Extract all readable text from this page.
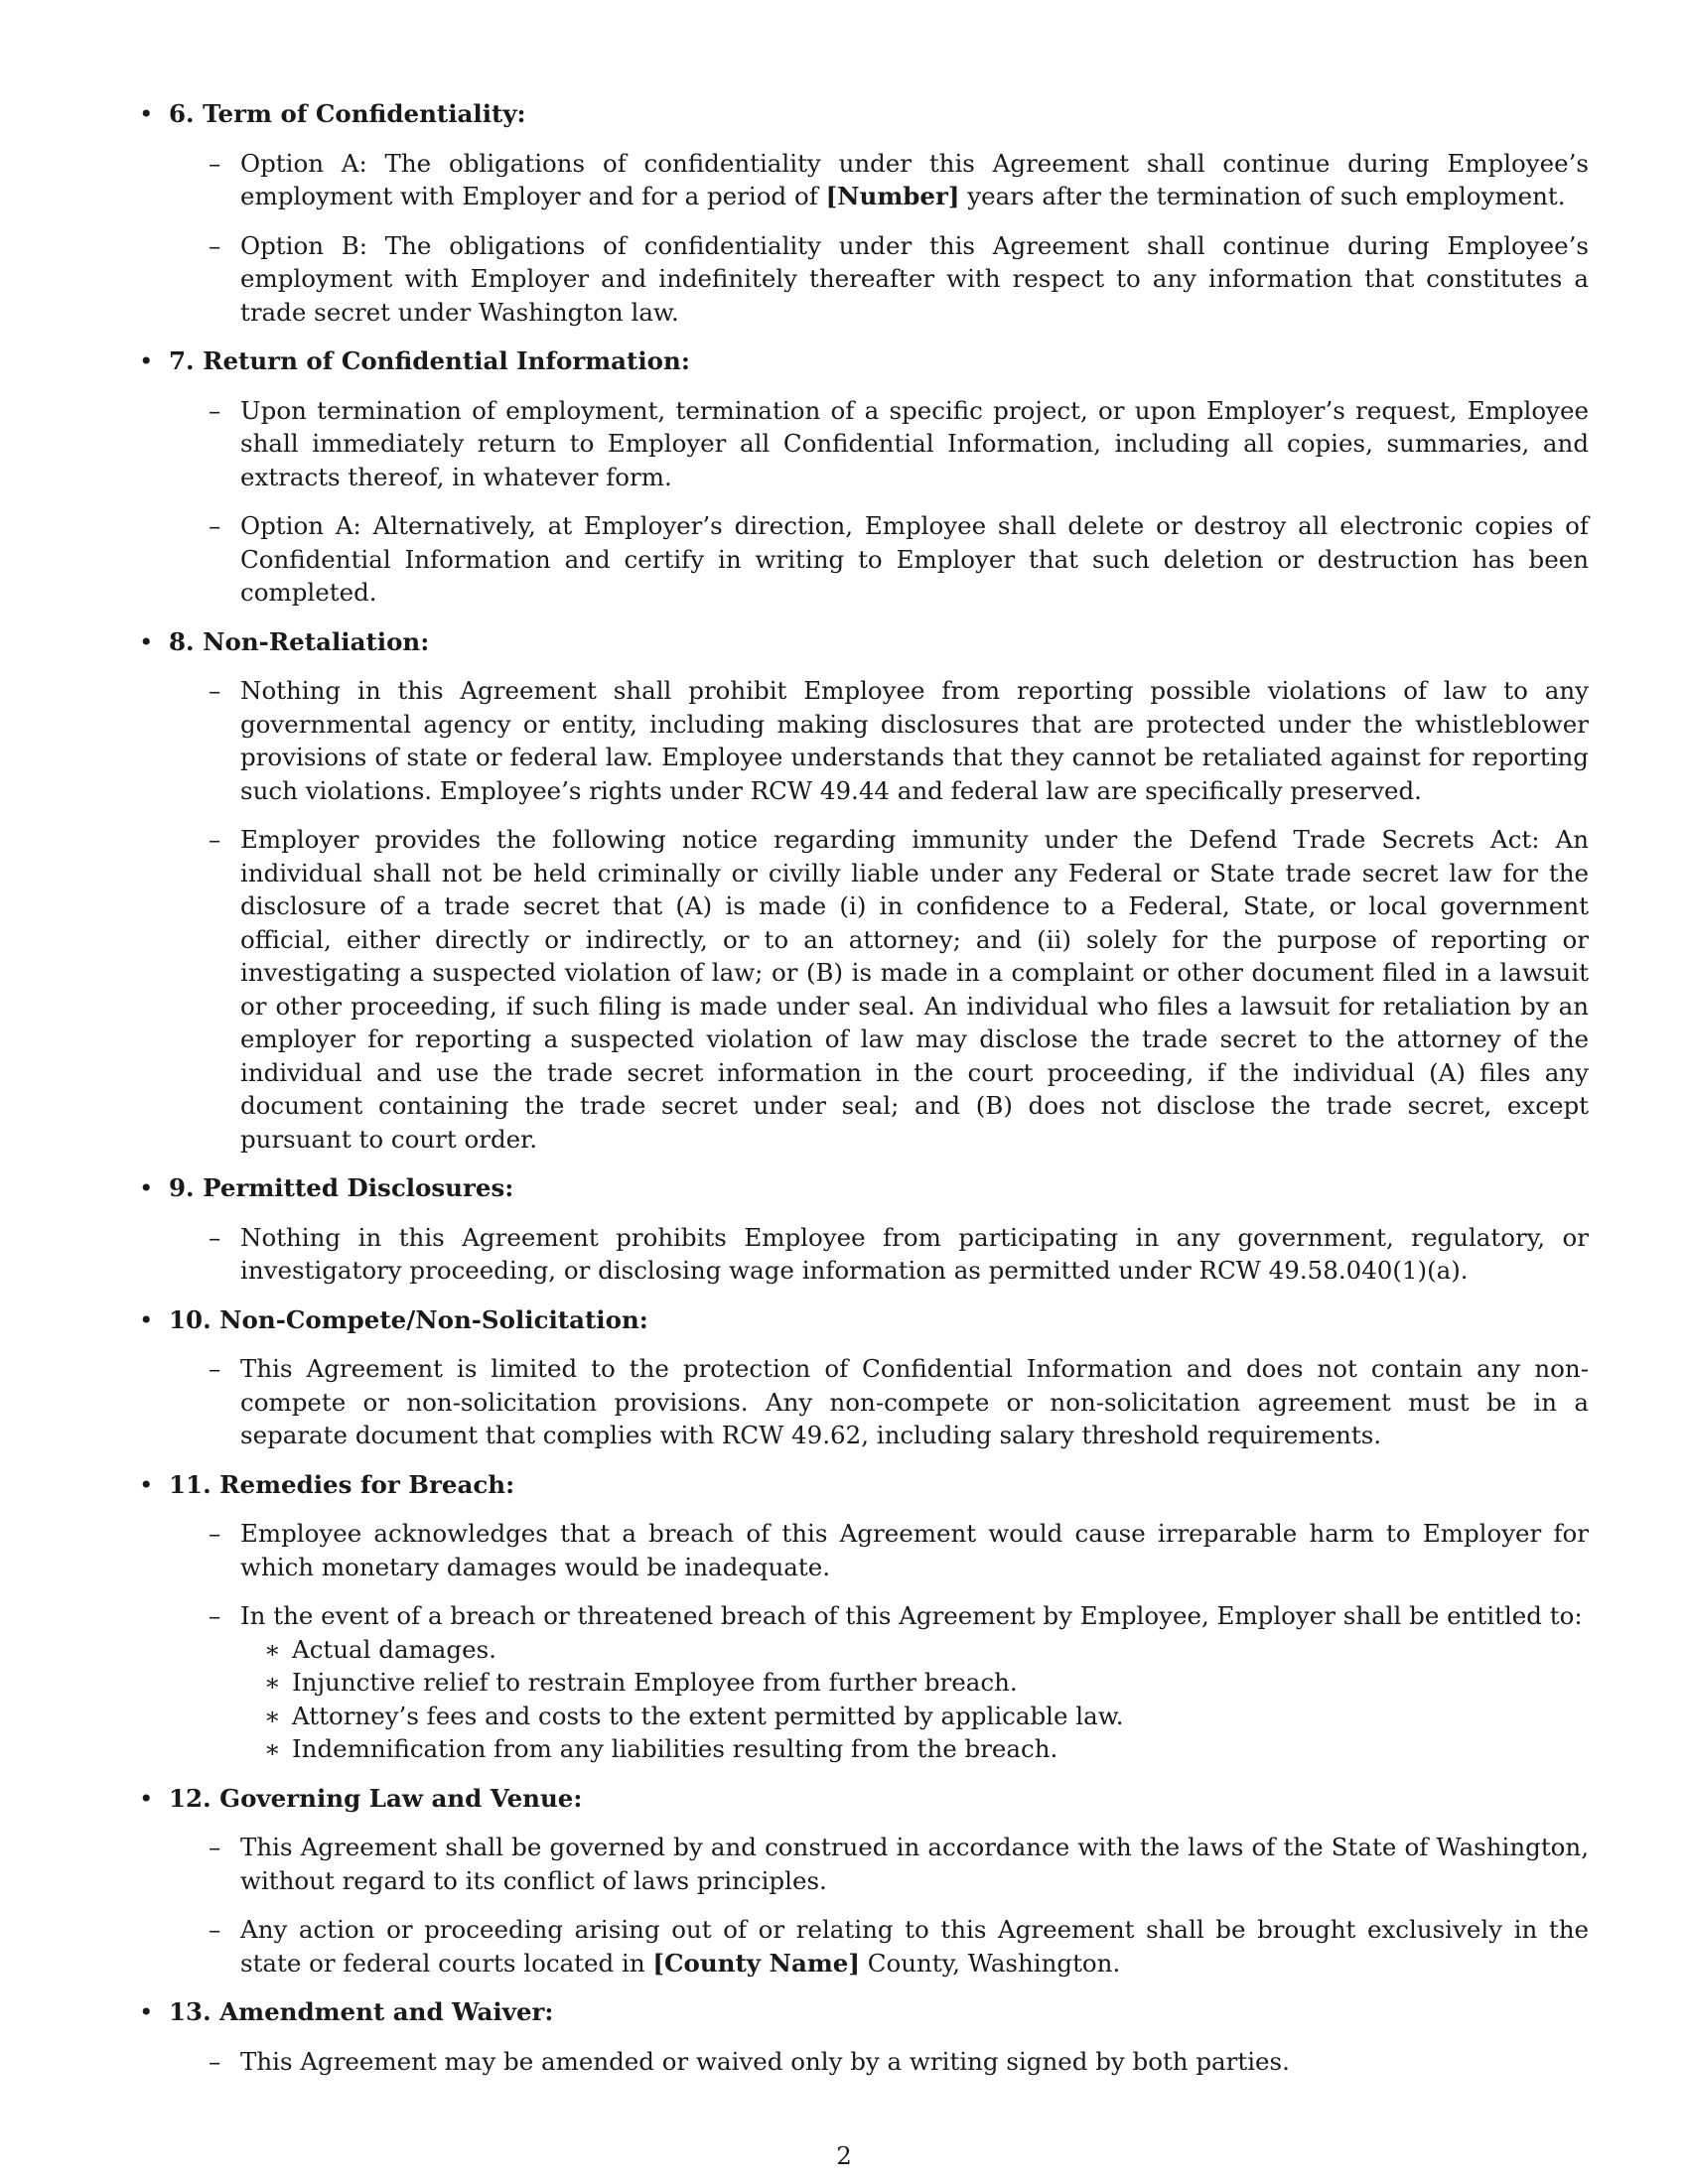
• 6. Term of Confidentiality:
– Option A: The obligations of confidentiality under this Agreement shall continue during Employee’s employment with Employer and for a period of [Number] years after the termination of such employment.
– Option B: The obligations of confidentiality under this Agreement shall continue during Employee’s employment with Employer and indefinitely thereafter with respect to any information that constitutes a trade secret under Washington law.
• 7. Return of Confidential Information:
– Upon termination of employment, termination of a specific project, or upon Employer’s request, Employee shall immediately return to Employer all Confidential Information, including all copies, summaries, and extracts thereof, in whatever form.
– Option A: Alternatively, at Employer’s direction, Employee shall delete or destroy all electronic copies of Confidential Information and certify in writing to Employer that such deletion or destruction has been completed.
• 8. Non-Retaliation:
– Nothing in this Agreement shall prohibit Employee from reporting possible violations of law to any governmental agency or entity, including making disclosures that are protected under the whistleblower provisions of state or federal law. Employee understands that they cannot be retaliated against for reporting such violations. Employee’s rights under RCW 49.44 and federal law are specifically preserved.
– Employer provides the following notice regarding immunity under the Defend Trade Secrets Act: An individual shall not be held criminally or civilly liable under any Federal or State trade secret law for the disclosure of a trade secret that (A) is made (i) in confidence to a Federal, State, or local government official, either directly or indirectly, or to an attorney; and (ii) solely for the purpose of reporting or investigating a suspected violation of law; or (B) is made in a complaint or other document filed in a lawsuit or other proceeding, if such filing is made under seal. An individual who files a lawsuit for retaliation by an employer for reporting a suspected violation of law may disclose the trade secret to the attorney of the individual and use the trade secret information in the court proceeding, if the individual (A) files any document containing the trade secret under seal; and (B) does not disclose the trade secret, except pursuant to court order.
• 9. Permitted Disclosures:
– Nothing in this Agreement prohibits Employee from participating in any government, regulatory, or investigatory proceeding, or disclosing wage information as permitted under RCW 49.58.040(1)(a).
• 10. Non-Compete/Non-Solicitation:
– This Agreement is limited to the protection of Confidential Information and does not contain any non-compete or non-solicitation provisions. Any non-compete or non-solicitation agreement must be in a separate document that complies with RCW 49.62, including salary threshold requirements.
• 11. Remedies for Breach:
– Employee acknowledges that a breach of this Agreement would cause irreparable harm to Employer for which monetary damages would be inadequate.
– In the event of a breach or threatened breach of this Agreement by Employee, Employer shall be entitled to:
∗ Actual damages.
∗ Injunctive relief to restrain Employee from further breach.
∗ Attorney’s fees and costs to the extent permitted by applicable law.
∗ Indemnification from any liabilities resulting from the breach.
• 12. Governing Law and Venue:
– This Agreement shall be governed by and construed in accordance with the laws of the State of Washington, without regard to its conflict of laws principles.
– Any action or proceeding arising out of or relating to this Agreement shall be brought exclusively in the state or federal courts located in [County Name] County, Washington.
• 13. Amendment and Waiver:
– This Agreement may be amended or waived only by a writing signed by both parties.
2
